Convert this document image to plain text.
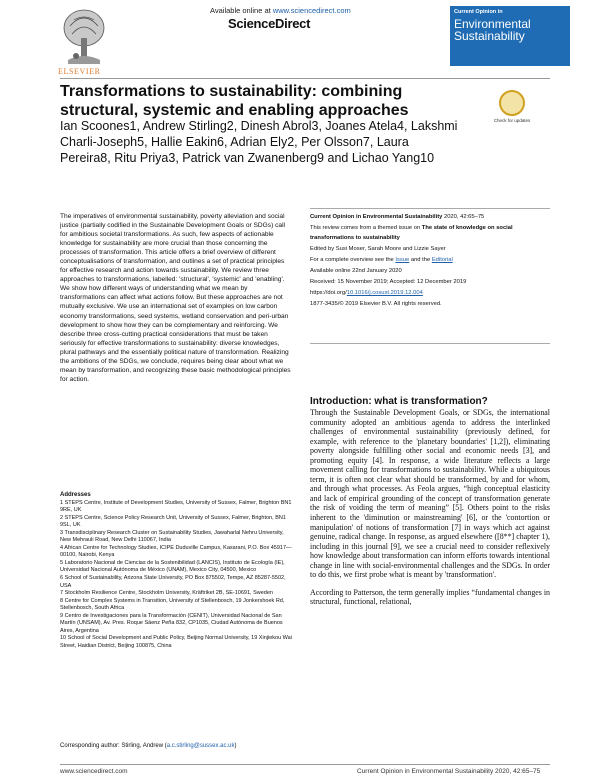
Available online at www.sciencedirect.com
ScienceDirect
ELSEVIER
Current Opinion in
Environmental Sustainability
Transformations to sustainability: combining structural, systemic and enabling approaches
Ian Scoones1, Andrew Stirling2, Dinesh Abrol3, Joanes Atela4, Lakshmi Charli-Joseph5, Hallie Eakin6, Adrian Ely2, Per Olsson7, Laura Pereira8, Ritu Priya3, Patrick van Zwanenberg9 and Lichao Yang10
Check for updates
The imperatives of environmental sustainability, poverty alleviation and social justice (partially codified in the Sustainable Development Goals or SDGs) call for ambitious societal transformations. As such, few aspects of actionable knowledge for sustainability are more crucial than those concerning the processes of transformation. This article offers a brief overview of different conceptualisations of transformation, and outlines a set of practical principles for effective research and action towards sustainability. We review three approaches to transformations, labelled: 'structural', 'systemic' and 'enabling'. We show how different ways of understanding what we mean by transformations can affect what actions follow. But these approaches are not mutually exclusive. We use an international set of examples on low carbon economy transformations, seed systems, wetland conservation and peri-urban development to show how they can be complementary and reinforcing. We describe three cross-cutting practical considerations that must be taken seriously for effective transformations to sustainability: diverse knowledges, plural pathways and the essentially political nature of transformation. Realizing the ambitions of the SDGs, we conclude, requires being clear about what we mean by transformation, and recognizing these basic methodological principles for action.
Addresses
1 STEPS Centre, Institute of Development Studies, University of Sussex, Falmer, Brighton BN1 9RE, UK
2 STEPS Centre, Science Policy Research Unit, University of Sussex, Falmer, Brighton, BN1 9SL, UK
3 Transdisciplinary Research Cluster on Sustainability Studies, Jawaharlal Nehru University, New Mehrauli Road, New Delhi 110067, India
4 African Centre for Technology Studies, ICIPE Duduville Campus, Kasarani, P.O. Box 45917—00100, Nairobi, Kenya
5 Laboratorio Nacional de Ciencias de la Sostenibilidad (LANCIS), Instituto de Ecología (IE), Universidad Nacional Autónoma de México (UNAM), Mexico City, 04500, Mexico
6 School of Sustainability, Arizona State University, PO Box 875502, Tempe, AZ 85287-5502, USA
7 Stockholm Resilience Centre, Stockholm University, Kräftriket 2B, SE-10691, Sweden
8 Centre for Complex Systems in Transition, University of Stellenbosch, 19 Jonkershoek Rd, Stellenbosch, South Africa
9 Centro de Investigaciones para la Transformación (CENIT), Universidad Nacional de San Martín (UNSAM), Av. Pres. Roque Sáenz Peña 832, CP1035, Ciudad Autónoma de Buenos Aires, Argentina
10 School of Social Development and Public Policy, Beijing Normal University, 19 Xinjiekou Wai Street, Haidian District, Beijing 100875, China
Corresponding author: Stirling, Andrew (a.c.stirling@sussex.ac.uk)
Current Opinion in Environmental Sustainability 2020, 42:65–75
This review comes from a themed issue on The state of knowledge on social transformations to sustainability
Edited by Susi Moser, Sarah Moore and Lizzie Sayer
For a complete overview see the Issue and the Editorial
Available online 22nd January 2020
Received: 15 November 2019; Accepted: 12 December 2019
https://doi.org/10.1016/j.cosust.2019.12.004
1877-3435/© 2019 Elsevier B.V. All rights reserved.
Introduction: what is transformation?

Through the Sustainable Development Goals, or SDGs, the international community adopted an ambitious agenda to address the interlinked challenges of environmental sustainability (previously defined, for example, with reference to the 'planetary boundaries' [1,2]), eliminating poverty alongside fulfilling other social and economic needs [3], and promoting equity [4]. In response, a wide literature reflects a large movement calling for transformations to sustainability. While a ubiquitous term, it is often not clear what should be transformed, by and for whom, and through what processes. As Feola argues, “high conceptual elasticity and lack of empirical grounding of the concept of transformation generate the risk of voiding the term of meaning” [5]. Others point to the risks inherent to the 'diminution or mainstreaming' [6], or the 'contortion or manipulation' of notions of transformation [7] in ways which act against genuine, radical change. In response, as argued elsewhere ([8**] chapter 1), including in this journal [9], we see a crucial need to consider reflexively how knowledge about transformation can inform efforts towards intentional change in line with social-environmental challenges and the SDGs. In order to do this, we first probe what is meant by 'transformation'.

According to Patterson, the term generally implies “fundamental changes in structural, functional, relational,

www.sciencedirect.com	Current Opinion in Environmental Sustainability 2020, 42:65–75
